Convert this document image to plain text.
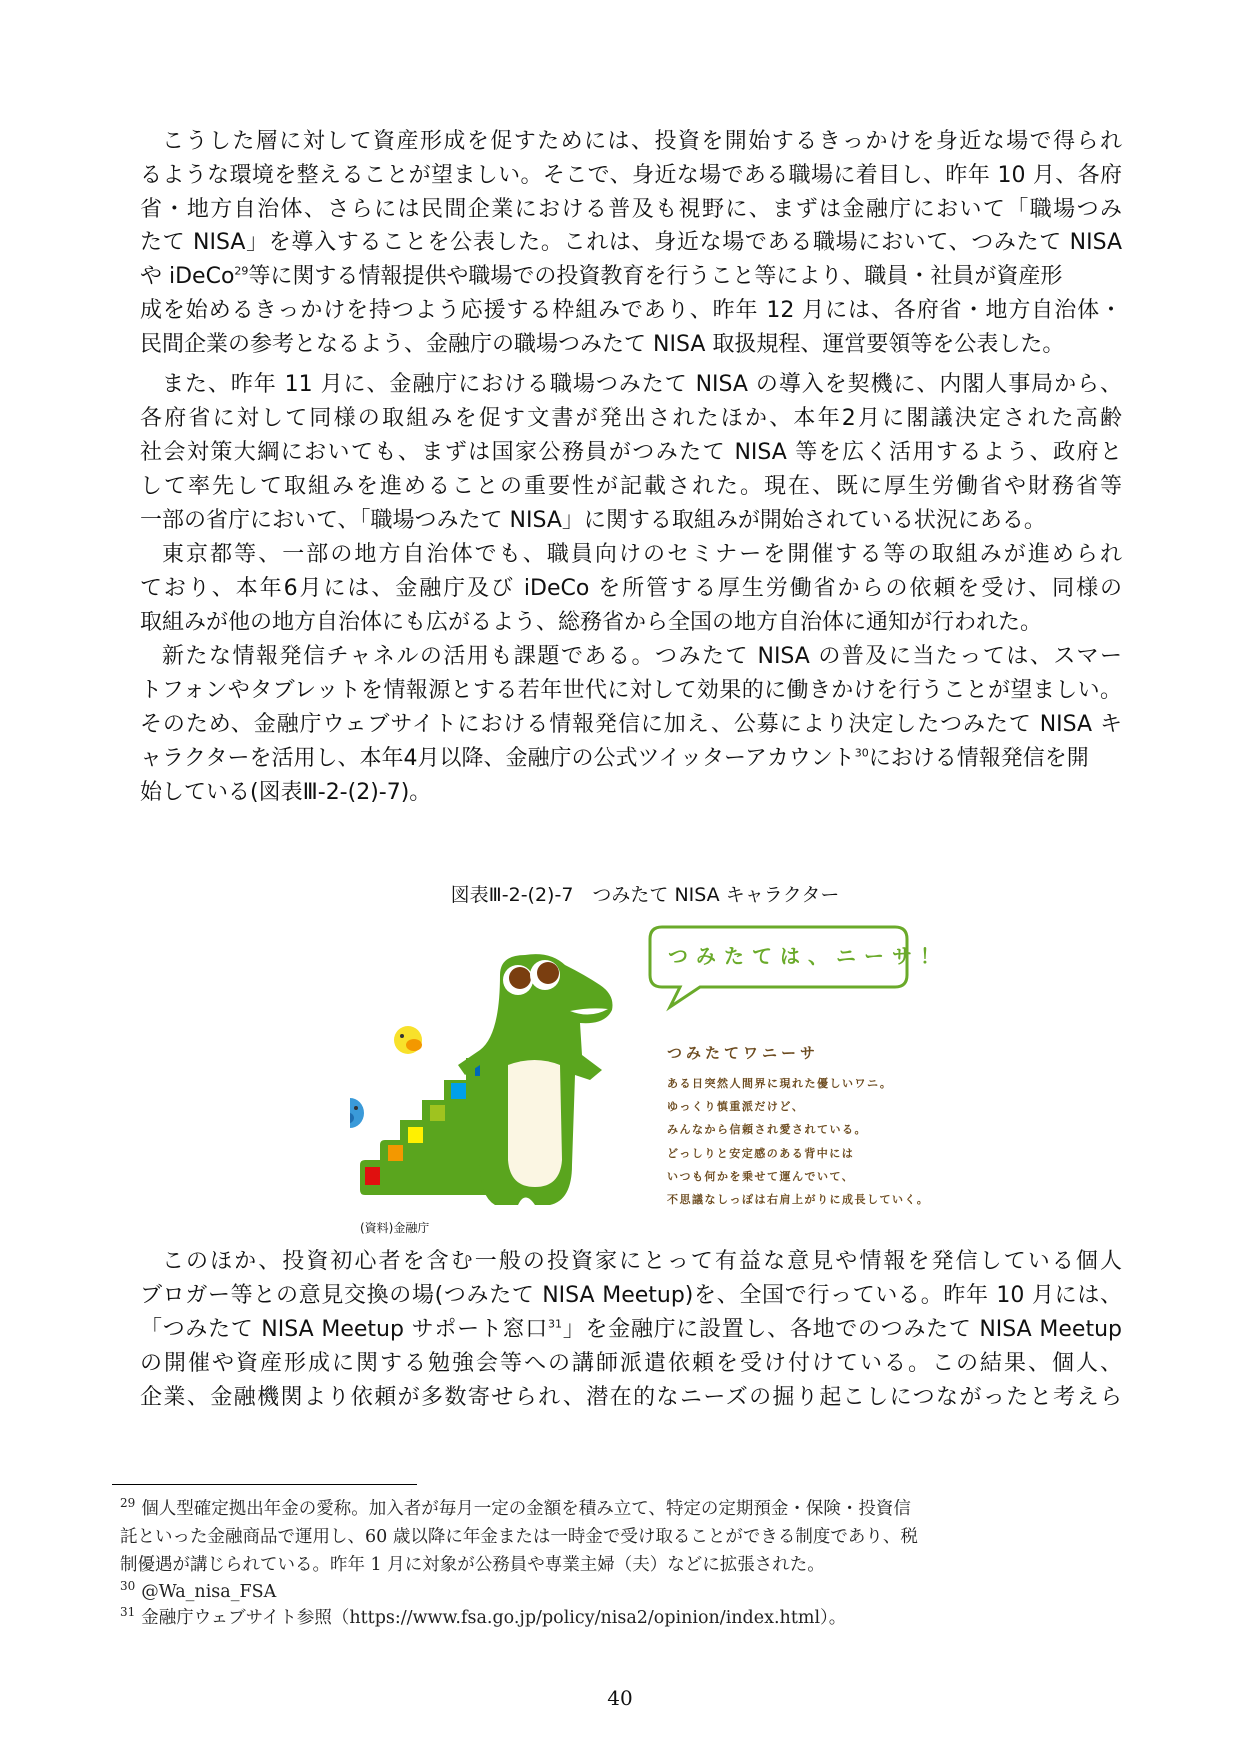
こうした層に対して資産形成を促すためには、投資を開始するきっかけを身近な場で得られ
るような環境を整えることが望ましい。そこで、身近な場である職場に着目し、昨年 10 月、各府
省・地方自治体、さらには民間企業における普及も視野に、まずは金融庁において「職場つみ
たて NISA」を導入することを公表した。これは、身近な場である職場において、つみたて NISA
や iDeCo$^{29}$等に関する情報提供や職場での投資教育を行うこと等により、職員・社員が資産形
成を始めるきっかけを持つよう応援する枠組みであり、昨年 12 月には、各府省・地方自治体・
民間企業の参考となるよう、金融庁の職場つみたて NISA 取扱規程、運営要領等を公表した。
また、昨年 11 月に、金融庁における職場つみたて NISA の導入を契機に、内閣人事局から、
各府省に対して同様の取組みを促す文書が発出されたほか、本年2月に閣議決定された高齢
社会対策大綱においても、まずは国家公務員がつみたて NISA 等を広く活用するよう、政府と
して率先して取組みを進めることの重要性が記載された。現在、既に厚生労働省や財務省等
一部の省庁において、「職場つみたて NISA」に関する取組みが開始されている状況にある。
東京都等、一部の地方自治体でも、職員向けのセミナーを開催する等の取組みが進められ
ており、本年6月には、金融庁及び iDeCo を所管する厚生労働省からの依頼を受け、同様の
取組みが他の地方自治体にも広がるよう、総務省から全国の地方自治体に通知が行われた。
新たな情報発信チャネルの活用も課題である。つみたて NISA の普及に当たっては、スマー
トフォンやタブレットを情報源とする若年世代に対して効果的に働きかけを行うことが望ましい。
そのため、金融庁ウェブサイトにおける情報発信に加え、公募により決定したつみたて NISA キ
ャラクターを活用し、本年4月以降、金融庁の公式ツイッターアカウント$^{30}$における情報発信を開
始している(図表Ⅲ-2-(2)-7)。
図表Ⅲ-2-(2)-7　つみたて NISA キャラクター
つみたては、ニーサ！
つみたてワニーサ
ある日突然人間界に現れた優しいワニ。
ゆっくり慎重派だけど、
みんなから信頼され愛されている。
どっしりと安定感のある背中には
いつも何かを乗せて運んでいて、
不思議なしっぽは右肩上がりに成長していく。
(資料)金融庁
このほか、投資初心者を含む一般の投資家にとって有益な意見や情報を発信している個人
ブロガー等との意見交換の場(つみたて NISA Meetup)を、全国で行っている。昨年 10 月には、
「つみたて NISA Meetup サポート窓口$^{31}$」を金融庁に設置し、各地でのつみたて NISA Meetup
の開催や資産形成に関する勉強会等への講師派遣依頼を受け付けている。この結果、個人、
企業、金融機関より依頼が多数寄せられ、潜在的なニーズの掘り起こしにつながったと考えら
$^{29}$ 個人型確定拠出年金の愛称。加入者が毎月一定の金額を積み立て、特定の定期預金・保険・投資信
託といった金融商品で運用し、60 歳以降に年金または一時金で受け取ることができる制度であり、税
制優遇が講じられている。昨年 1 月に対象が公務員や専業主婦（夫）などに拡張された。
$^{30}$ @Wa_nisa_FSA
$^{31}$ 金融庁ウェブサイト参照（https://www.fsa.go.jp/policy/nisa2/opinion/index.html）。
40
